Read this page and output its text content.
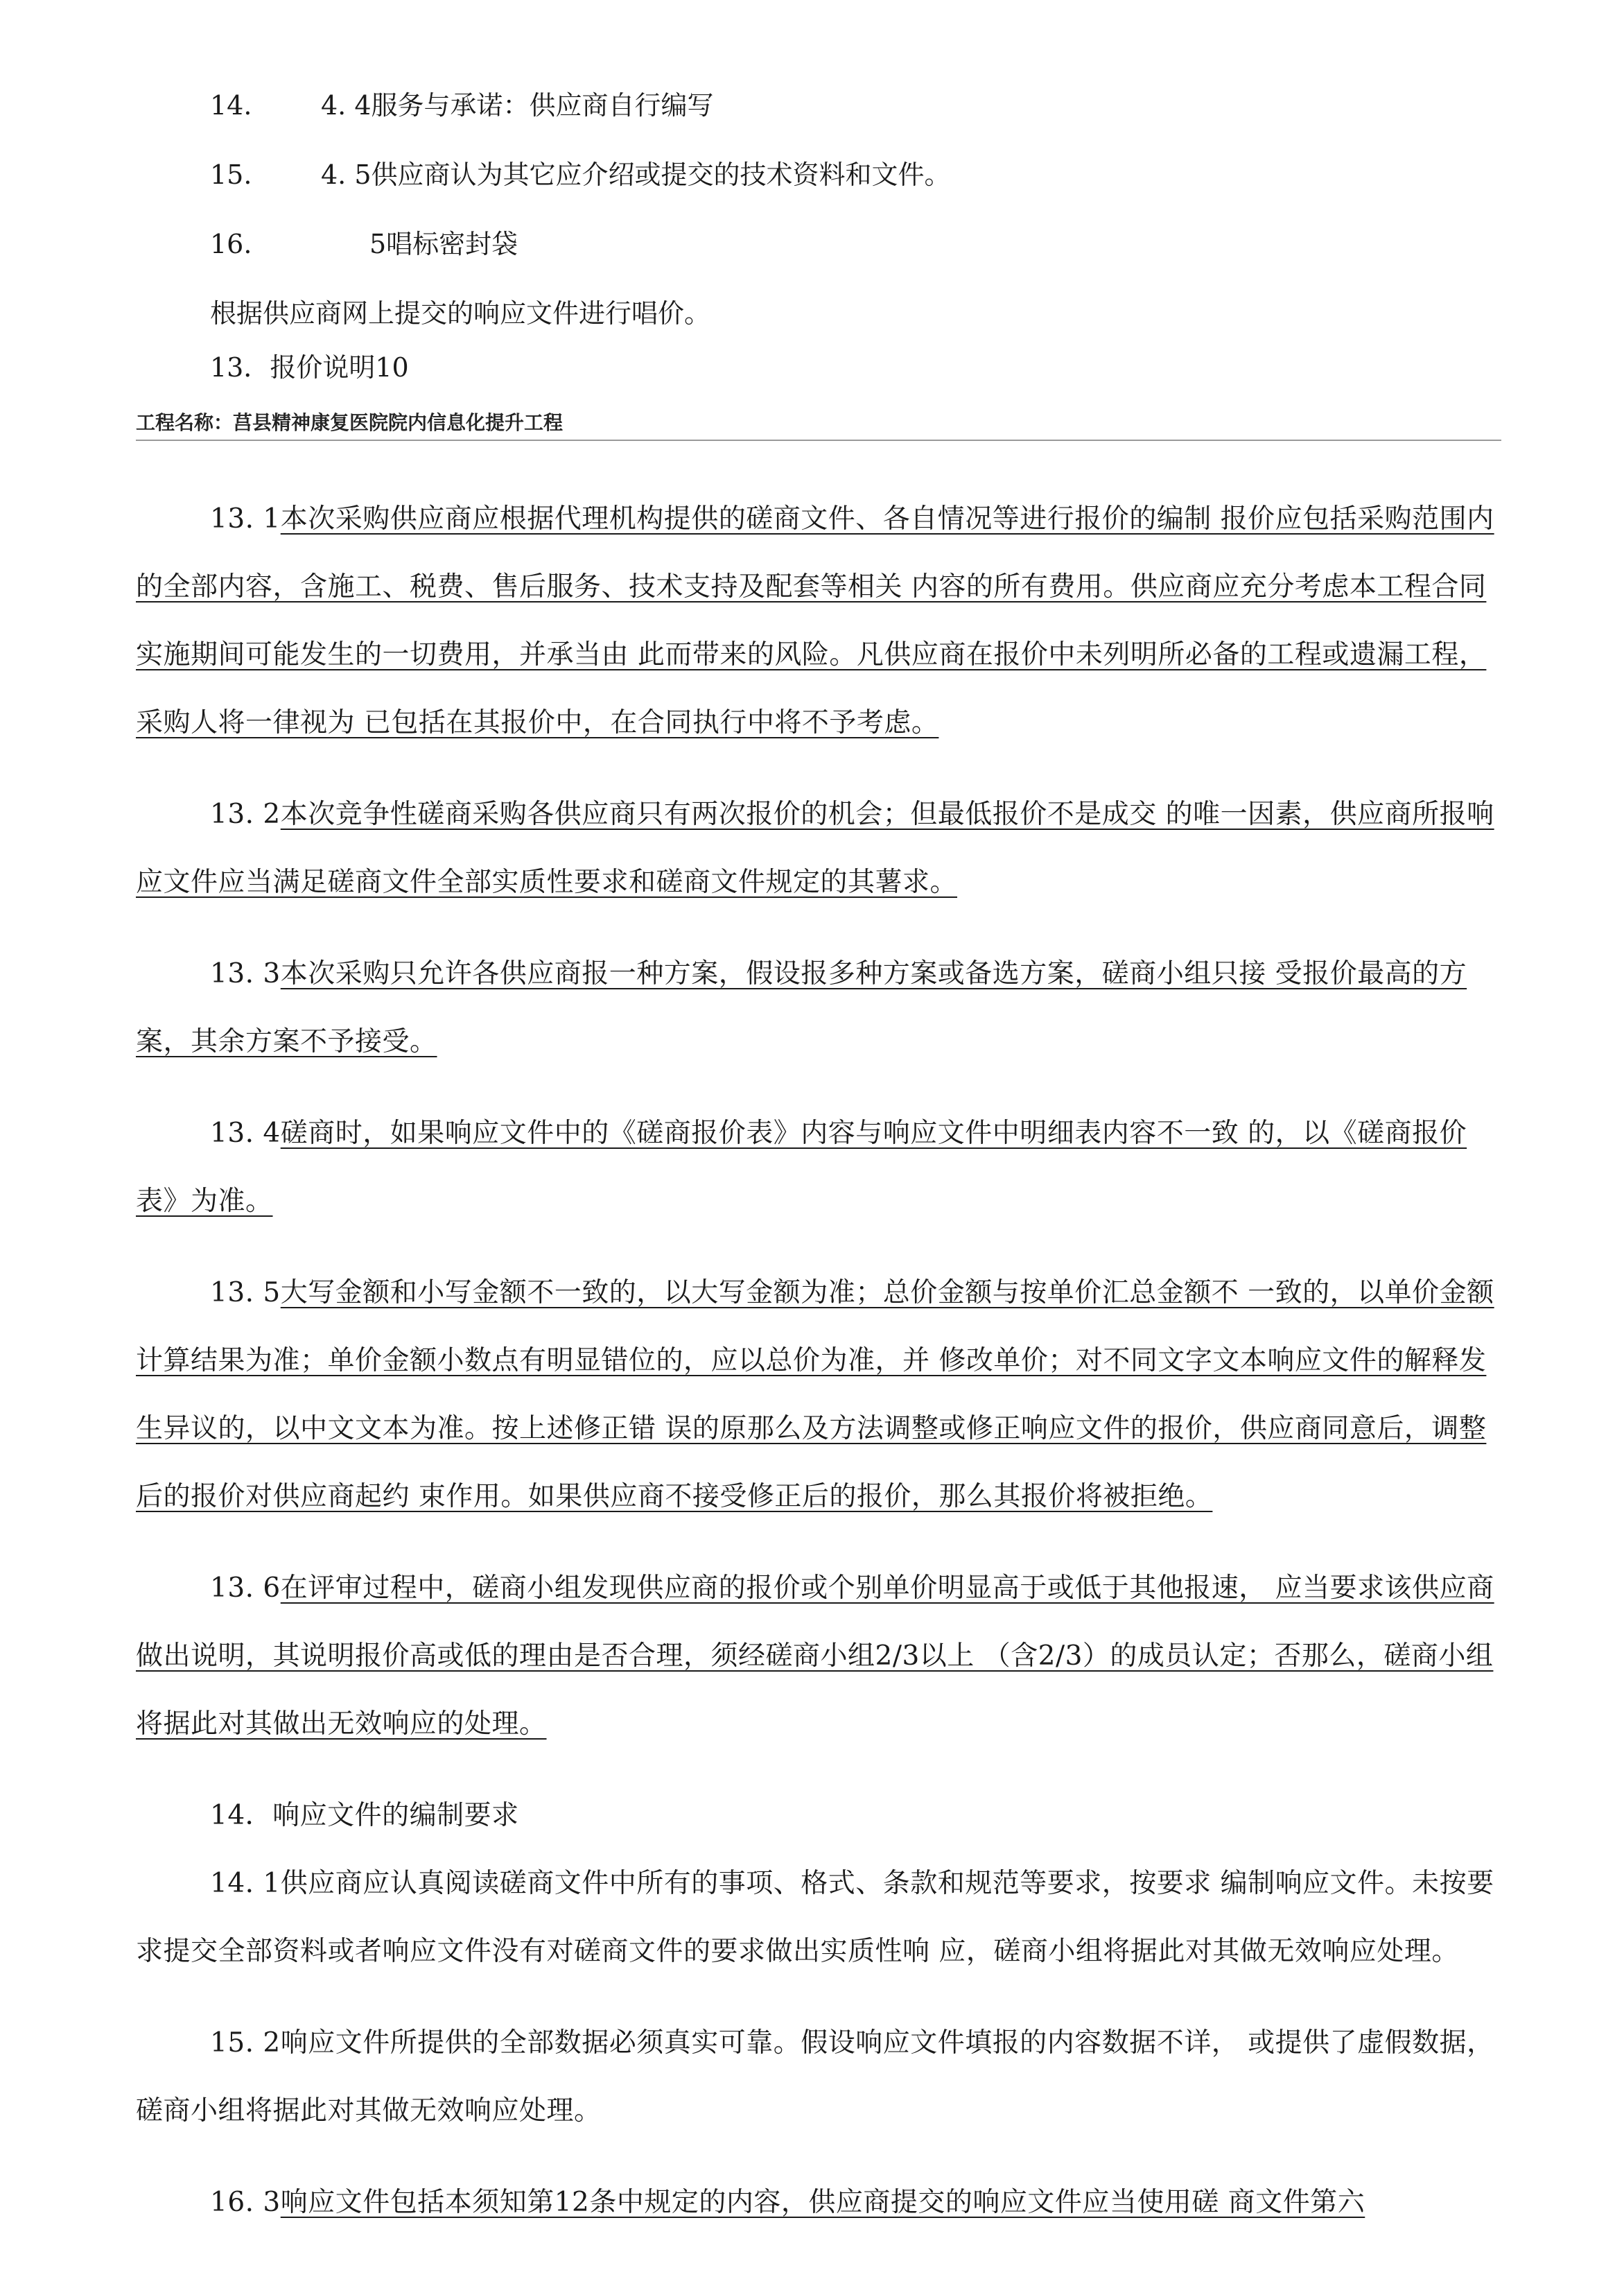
14.	4. 4服务与承诺：供应商自行编写
15.	4. 5供应商认为其它应介绍或提交的技术资料和文件。
16.	5唱标密封袋
根据供应商网上提交的响应文件进行唱价。
13．报价说明10
工程名称：莒县精神康复医院院内信息化提升工程

13. 1本次采购供应商应根据代理机构提供的磋商文件、各自情况等进行报价的编制 报价应包括采购范围内的全部内容，含施工、税费、售后服务、技术支持及配套等相关 内容的所有费用。供应商应充分考虑本工程合同实施期间可能发生的一切费用，并承当由 此而带来的风险。凡供应商在报价中未列明所必备的工程或遗漏工程，采购人将一律视为 已包括在其报价中，在合同执行中将不予考虑。

13. 2本次竞争性磋商采购各供应商只有两次报价的机会；但最低报价不是成交 的唯一因素，供应商所报响应文件应当满足磋商文件全部实质性要求和磋商文件规定的其薯求。

13. 3本次采购只允许各供应商报一种方案，假设报多种方案或备选方案，磋商小组只接 受报价最高的方案，其余方案不予接受。

13. 4磋商时，如果响应文件中的《磋商报价表》内容与响应文件中明细表内容不一致 的，以《磋商报价表》为准。

13. 5大写金额和小写金额不一致的，以大写金额为准；总价金额与按单价汇总金额不 一致的，以单价金额计算结果为准；单价金额小数点有明显错位的，应以总价为准，并 修改单价；对不同文字文本响应文件的解释发生异议的，以中文文本为准。按上述修正错 误的原那么及方法调整或修正响应文件的报价，供应商同意后，调整后的报价对供应商起约 束作用。如果供应商不接受修正后的报价，那么其报价将被拒绝。

13. 6在评审过程中，磋商小组发现供应商的报价或个别单价明显高于或低于其他报速， 应当要求该供应商做出说明，其说明报价高或低的理由是否合理，须经磋商小组2/3以上 （含2/3）的成员认定；否那么，磋商小组将据此对其做出无效响应的处理。

14．响应文件的编制要求

14. 1供应商应认真阅读磋商文件中所有的事项、格式、条款和规范等要求，按要求 编制响应文件。未按要求提交全部资料或者响应文件没有对磋商文件的要求做出实质性响 应，磋商小组将据此对其做无效响应处理。

15. 2响应文件所提供的全部数据必须真实可靠。假设响应文件填报的内容数据不详， 或提供了虚假数据，磋商小组将据此对其做无效响应处理。

16. 3响应文件包括本须知第12条中规定的内容，供应商提交的响应文件应当使用磋 商文件第六
